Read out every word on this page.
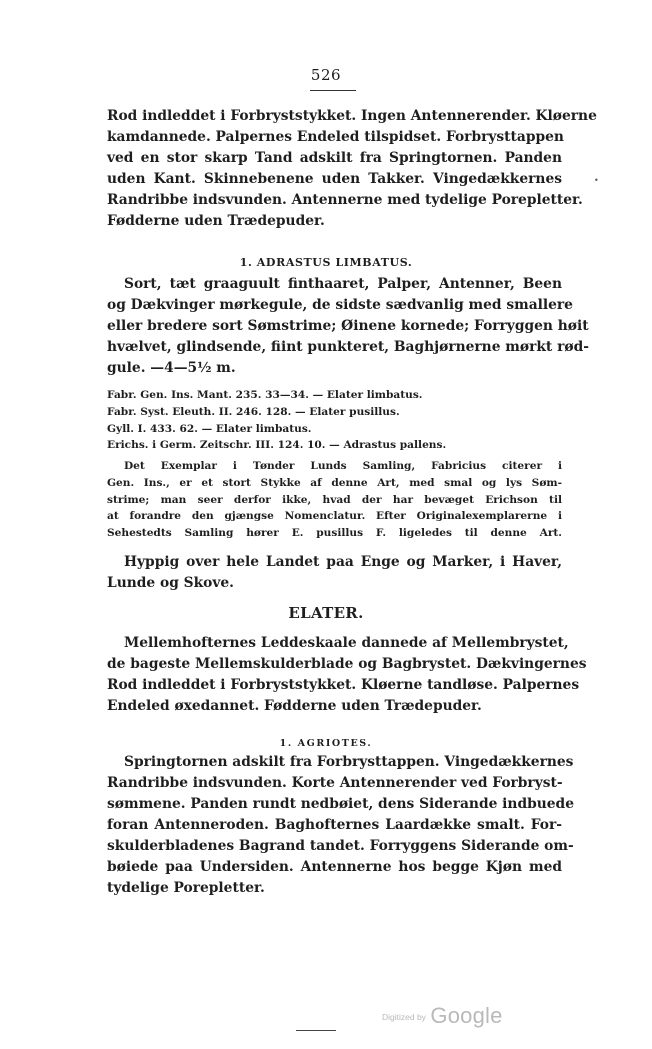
526
•

Rod indleddet i Forbryststykket. Ingen Antennerender. Kløerne
kamdannede. Palpernes Endeled tilspidset. Forbrysttappen
ved en stor skarp Tand adskilt fra Springtornen. Panden
uden Kant. Skinnebenene uden Takker. Vingedækkernes
Randribbe indsvunden. Antennerne med tydelige Porepletter.
Fødderne uden Trædepuder.

1. ADRASTUS LIMBATUS.

Sort, tæt graaguult finthaaret, Palper, Antenner, Been
og Dækvinger mørkegule, de sidste sædvanlig med smallere
eller bredere sort Sømstrime; Øinene kornede; Forryggen høit
hvælvet, glindsende, fiint punkteret, Baghjørnerne mørkt rød-
gule. —4—5½ m.

Fabr. Gen. Ins. Mant. 235. 33—34. — Elater limbatus.
Fabr. Syst. Eleuth. II. 246. 128. — Elater pusillus.
Gyll. I. 433. 62. — Elater limbatus.
Erichs. i Germ. Zeitschr. III. 124. 10. — Adrastus pallens.
Det Exemplar i Tønder Lunds Samling, Fabricius citerer i
Gen. Ins., er et stort Stykke af denne Art, med smal og lys Søm-
strime; man seer derfor ikke, hvad der har bevæget Erichson til
at forandre den gjængse Nomenclatur. Efter Originalexemplarerne i
Sehestedts Samling hører E. pusillus F. ligeledes til denne Art.

Hyppig over hele Landet paa Enge og Marker, i Haver,
Lunde og Skove.

ELATER.

Mellemhofternes Leddeskaale dannede af Mellembrystet,
de bageste Mellemskulderblade og Bagbrystet. Dækvingernes
Rod indleddet i Forbryststykket. Kløerne tandløse. Palpernes
Endeled øxedannet. Fødderne uden Trædepuder.

1. AGRIOTES.

Springtornen adskilt fra Forbrysttappen. Vingedækkernes
Randribbe indsvunden. Korte Antennerender ved Forbryst-
sømmene. Panden rundt nedbøiet, dens Siderande indbuede
foran Antenneroden. Baghofternes Laardække smalt. For-
skulderbladenes Bagrand tandet. Forryggens Siderande om-
bøiede paa Undersiden. Antennerne hos begge Kjøn med
tydelige Porepletter.

Digitized by Google
